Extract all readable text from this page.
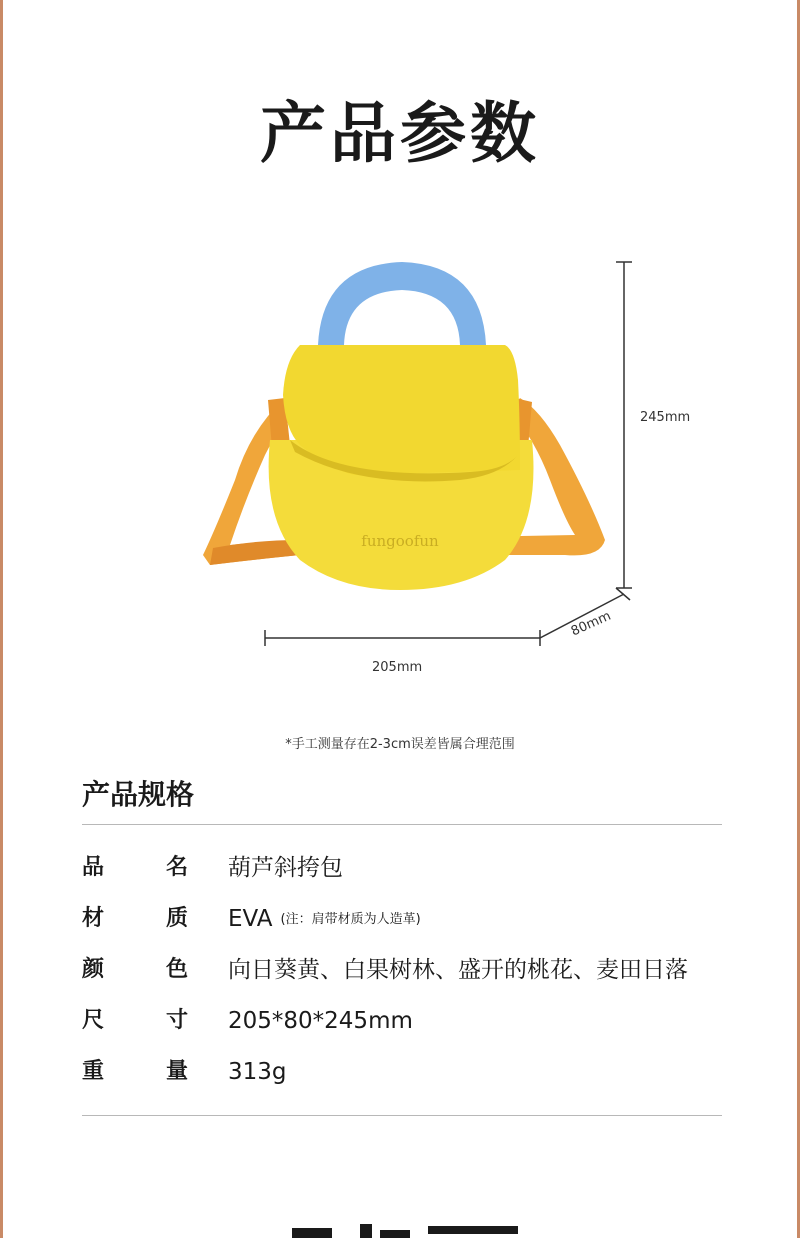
产品参数
fungoofun
245mm
205mm
80mm
*手工测量存在2-3cm误差皆属合理范围
产品规格
品	名 葫芦斜挎包
材	质 EVA (注：肩带材质为人造革)
颜	色 向日葵黄、白果树林、盛开的桃花、麦田日落
尺	寸 205*80*245mm
重	量 313g
